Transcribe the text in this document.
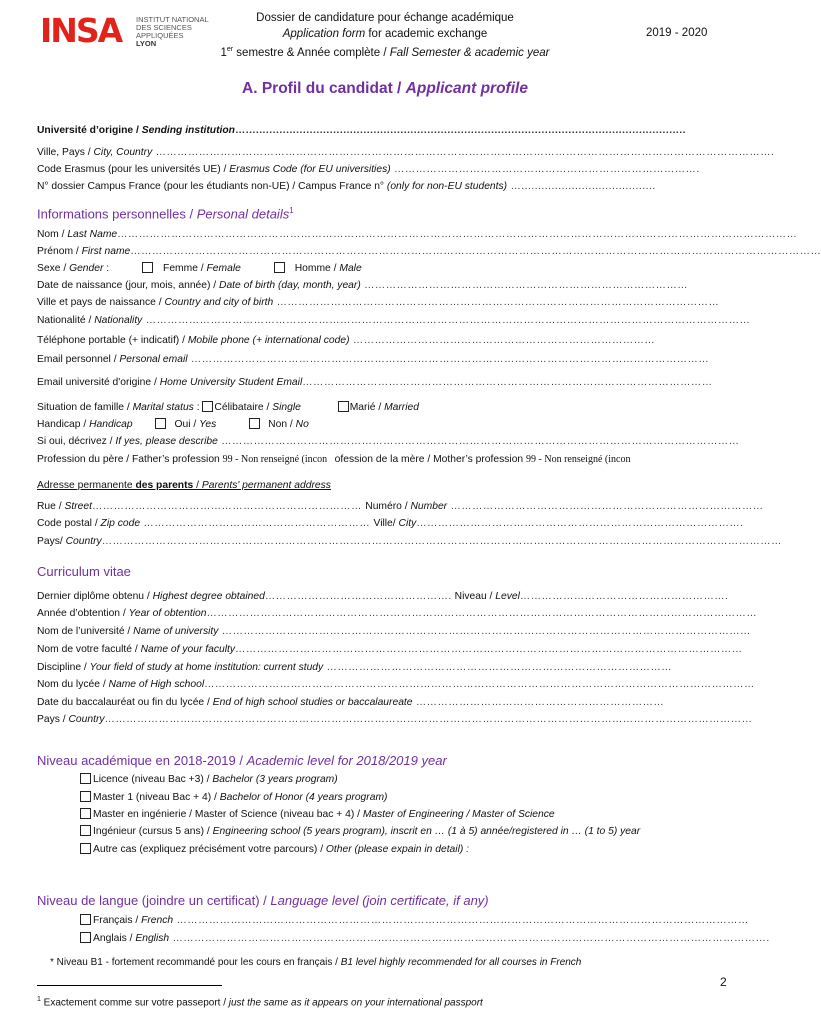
INSA	INSTITUT NATIONAL
DES SCIENCES
APPLIQUÉES
LYON
Dossier de candidature pour échange académique
Application form for academic exchange
1er semestre & Année complète / Fall Semester & academic year
2019 - 2020
A. Profil du candidat / Applicant profile
Université d’origine / Sending institution…...................................................................................................................................
Ville, Pays / City, Country ……………………………………………………………………………………………………………………………………………………….
Code Erasmus (pour les universités UE) / Erasmus Code (for EU universities) ………………………………………………………………………….
N° dossier Campus France (pour les étudiants non-UE) / Campus France n° (only for non-EU students) …........................................
Informations personnelles / Personal details$^1$
Nom / Last Name………………………………………………………………………………………………………………………………………………………………………
Prénom / First name…………………………………………………………………………………………………………………………………………………………………………
Sexe / Gender :	Femme / Female	Homme / Male
Date de naissance (jour, mois, année) / Date of birth (day, month, year) ………………………………………………………………………………
Ville et pays de naissance / Country and city of birth ……………………………………………………………………………………………………………
Nationalité / Nationality ……………………………………………………………………………………………………………………………………………………
Téléphone portable (+ indicatif) / Mobile phone (+ international code) …………………………………………………………………………
Email personnel / Personal email ………………………………………………………………………………………………………………………………
Email université d'origine / Home University Student Email……………………………………………………………………………………………………
Situation de famille / Marital status : Célibataire / Single	Marié / Married
Handicap / Handicap	Oui / Yes	Non / No
Si oui, décrivez / If yes, please describe ………………………………………………………………………………………………………………………………
Profession du père / Father’s profession 99 - Non renseigné (incon ofession de la mère / Mother’s profession 99 - Non renseigné (incon
Adresse permanente des parents / Parents' permanent address
Rue / Street………………………………………………………………… Numéro / Number ……………………………………………………………………………
Code postal / Zip code ……………………………………………………… Ville/ City……………………………………………………………………………….
Pays/ Country………………………………………………………………………………………………………………………………………………………………………
Curriculum vitae
Dernier diplôme obtenu / Highest degree obtained……………………………………………. Niveau / Level………………………………………………….
Année d’obtention / Year of obtention………………………………………………………………………………………………………………………………………
Nom de l’université / Name of university …………………………………………………………………………………………………………………………………
Nom de votre faculté / Name of your faculty……………………………………………………………………………………………………………………………
Discipline / Your field of study at home institution: current study ……………………………………………………………………………………
Nom du lycée / Name of High school………………………………………………………………………………………………………………………………………
Date du baccalauréat ou fin du lycée / End of high school studies or baccalaureate ……………………………………………………………
Pays / Country………………………………………………………………………………………………………………………………………………………………
Niveau académique en 2018-2019 / Academic level for 2018/2019 year
Licence (niveau Bac +3) / Bachelor (3 years program)
Master 1 (niveau Bac + 4) / Bachelor of Honor (4 years program)
Master en ingénierie / Master of Science (niveau bac + 4) / Master of Engineering / Master of Science
Ingénieur (cursus 5 ans) / Engineering school (5 years program), inscrit en … (1 à 5) année/registered in … (1 to 5) year
Autre cas (expliquez précisément votre parcours) / Other (please expain in detail) :
Niveau de langue (joindre un certificat) / Language level (join certificate, if any)
Français / French ……………………………………………………………………………………………………………………………………………
Anglais / English ………………………………………………………………………………………………………………………………………………….
* Niveau B1 - fortement recommandé pour les cours en français / B1 level highly recommended for all courses in French
2
$^1$ Exactement comme sur votre passeport / just the same as it appears on your international passport
